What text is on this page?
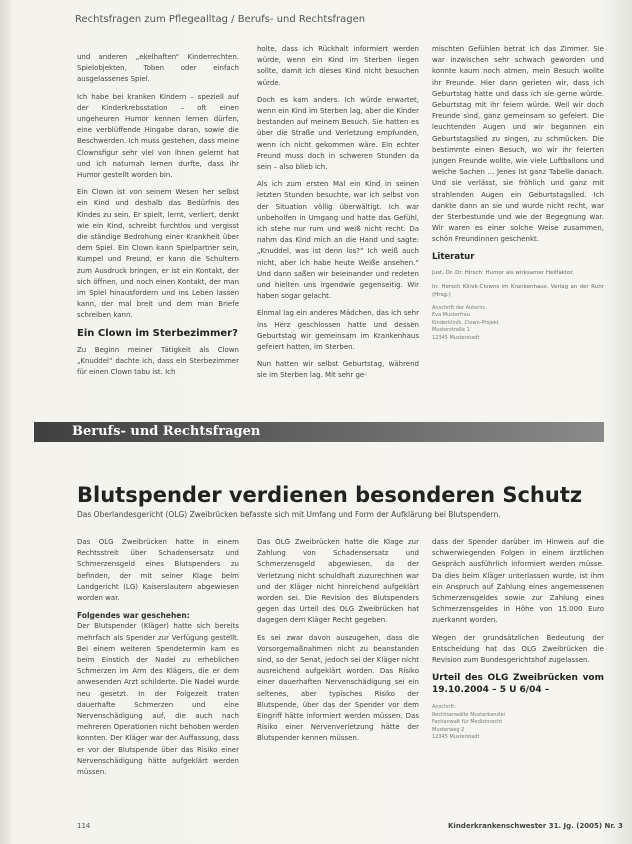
Rechtsfragen zum Pflegealltag / Berufs- und Rechtsfragen

und anderen „ekelhaften“ Kinderrechten. Spielobjekten, Toben oder einfach ausgelassenes Spiel.

Ich habe bei kranken Kindern – speziell auf der Kinderkrebsstation – oft einen ungeheuren Humor kennen lernen dürfen, eine verblüffende Hingabe daran, sowie die Beschwerden. Ich muss gestehen, dass meine Clownsfigur sehr viel von ihnen gelernt hat und ich naturnah lernen durfte, dass ihr Humor gestellt worden bin.

Ein Clown ist von seinem Wesen her selbst ein Kind und deshalb das Bedürfnis des Kindes zu sein. Er spielt, lernt, verliert, denkt wie ein Kind, schreibt furchtlos und vergisst die ständige Bedrohung einer Krankheit über dem Spiel. Ein Clown kann Spielpartner sein, Kumpel und Freund, er kann die Schultern zum Ausdruck bringen, er ist ein Kontakt, der sich öffnen, und noch einen Kontakt, der man im Spiel hinausfordern und ins Leben lassen kann, der mal breit und dem man Briefe schreiben kann.

Ein Clown im Sterbezimmer?

Zu Beginn meiner Tätigkeit als Clown „Knuddel“ dachte ich, dass ein Sterbezimmer für einen Clown tabu ist. Ich

holte, dass ich Rückhalt informiert werden würde, wenn ein Kind im Sterben liegen sollte, damit ich dieses Kind nicht besuchen würde.

Doch es kam anders. Ich würde erwartet, wenn ein Kind im Sterben lag, aber die Kinder bestanden auf meinem Besuch. Sie hatten es über die Straße und Verletzung empfunden, wenn ich nicht gekommen wäre. Ein echter Freund muss doch in schweren Stunden da sein – also blieb ich.

Als ich zum ersten Mal ein Kind in seinen letzten Stunden besuchte, war ich selbst von der Situation völlig überwältigt. Ich war unbeholfen in Umgang und hatte das Gefühl, ich stehe nur rum und weiß nicht recht. Da nahm das Kind mich an die Hand und sagte: „Knuddel, was ist denn los?“ Ich weiß auch nicht, aber ich habe heute Weiße ansehen.“ Und dann saßen wir beieinander und redeten und hielten uns irgendwie gegenseitig. Wir haben sogar gelacht.

Einmal lag ein anderes Mädchen, das ich sehr ins Herz geschlossen hatte und dessen Geburtstag wir gemeinsam im Krankenhaus gefeiert hatten, im Sterben.

Nun hatten wir selbst Geburtstag, während sie im Sterben lag. Mit sehr ge-

mischten Gefühlen betrat ich das Zimmer. Sie war inzwischen sehr schwach geworden und konnte kaum noch atmen, mein Besuch wollte ihr Freunde. Hier dann gerieten wir, dass ich Geburtstag hatte und dass ich sie gerne würde. Geburtstag mit ihr feiern würde. Weil wir doch Freunde sind, ganz gemeinsam so gefeiert. Die leuchtenden Augen und wir begannen ein Geburtstagslied zu singen, zu schmücken. Die bestimmte einen Besuch, wo wir ihr feierten jungen Freunde wollte, wie viele Luftballons und welche Sachen ... Jenes Ist ganz Tabelle danach. Und sie verlässt, sie fröhlich und ganz mit strahlenden Augen ein Geburtstagslied. Ich dankte dann an sie und wurde nicht recht, war der Sterbestunde und wie der Begegnung war. Wir waren es einer solche Weise zusammen, schön Freundinnen geschenkt.

Literatur
Just, Dr. Dr. Hirsch: Humor als wirksamer Heilfaktor.
In: Hersch Klinik-Clowns im Krankenhaus. Verlag an der Ruhr (Hrsg.)
Anschrift der Autorin:
Eva Musterfrau
Kinderklinik, Clown-Projekt
Musterstraße 1
12345 Musterstadt
Berufs- und Rechtsfragen
Blutspender verdienen besonderen Schutz
Das Oberlandesgericht (OLG) Zweibrücken befasste sich mit Umfang und Form der Aufklärung bei Blutspendern.

Das OLG Zweibrücken hatte in einem Rechtsstreit über Schadensersatz und Schmerzensgeld eines Blutspenders zu befinden, der mit seiner Klage beim Landgericht (LG) Kaiserslautern abgewiesen worden war.

Folgendes war geschehen:

Der Blutspender (Kläger) hatte sich bereits mehrfach als Spender zur Verfügung gestellt. Bei einem weiteren Spendetermin kam es beim Einstich der Nadel zu erheblichen Schmerzen im Arm des Klägers, die er dem anwesenden Arzt schilderte. Die Nadel wurde neu gesetzt. In der Folgezeit traten dauerhafte Schmerzen und eine Nervenschädigung auf, die auch nach mehreren Operationen nicht behoben werden konnten. Der Kläger war der Auffassung, dass er vor der Blutspende über das Risiko einer Nervenschädigung hätte aufgeklärt werden müssen.

Das OLG Zweibrücken hatte die Klage zur Zahlung von Schadensersatz und Schmerzensgeld abgewiesen, da der Verletzung nicht schuldhaft zuzurechnen war und der Kläger nicht hinreichend aufgeklärt worden sei. Die Revision des Blutspenders gegen das Urteil des OLG Zweibrücken hat dagegen dem Kläger Recht gegeben.

Es sei zwar davon auszugehen, dass die Vorsorgemaßnahmen nicht zu beanstanden sind, so der Senat, jedoch sei der Kläger nicht ausreichend aufgeklärt worden. Das Risiko einer dauerhaften Nervenschädigung sei ein seltenes, aber typisches Risiko der Blutspende, über das der Spender vor dem Eingriff hätte informiert werden müssen. Das Risiko einer Nervenverletzung hätte der Blutspender kennen müssen.

dass der Spender darüber im Hinweis auf die schwerwiegenden Folgen in einem ärztlichen Gespräch ausführlich informiert werden müsse. Da dies beim Kläger unterlassen wurde, ist ihm ein Anspruch auf Zahlung eines angemessenen Schmerzensgeldes sowie zur Zahlung eines Schmerzensgeldes in Höhe von 15.000 Euro zuerkannt worden.

Wegen der grundsätzlichen Bedeutung der Entscheidung hat das OLG Zweibrücken die Revision zum Bundesgerichtshof zugelassen.

Urteil des OLG Zweibrücken vom 19.10.2004 – 5 U 6/04 –
Anschrift:
Rechtsanwälte Musterkanzlei
Fachanwalt für Medizinrecht
Musterweg 2
12345 Musterstadt
114	Kinderkrankenschwester 31. Jg. (2005) Nr. 3
